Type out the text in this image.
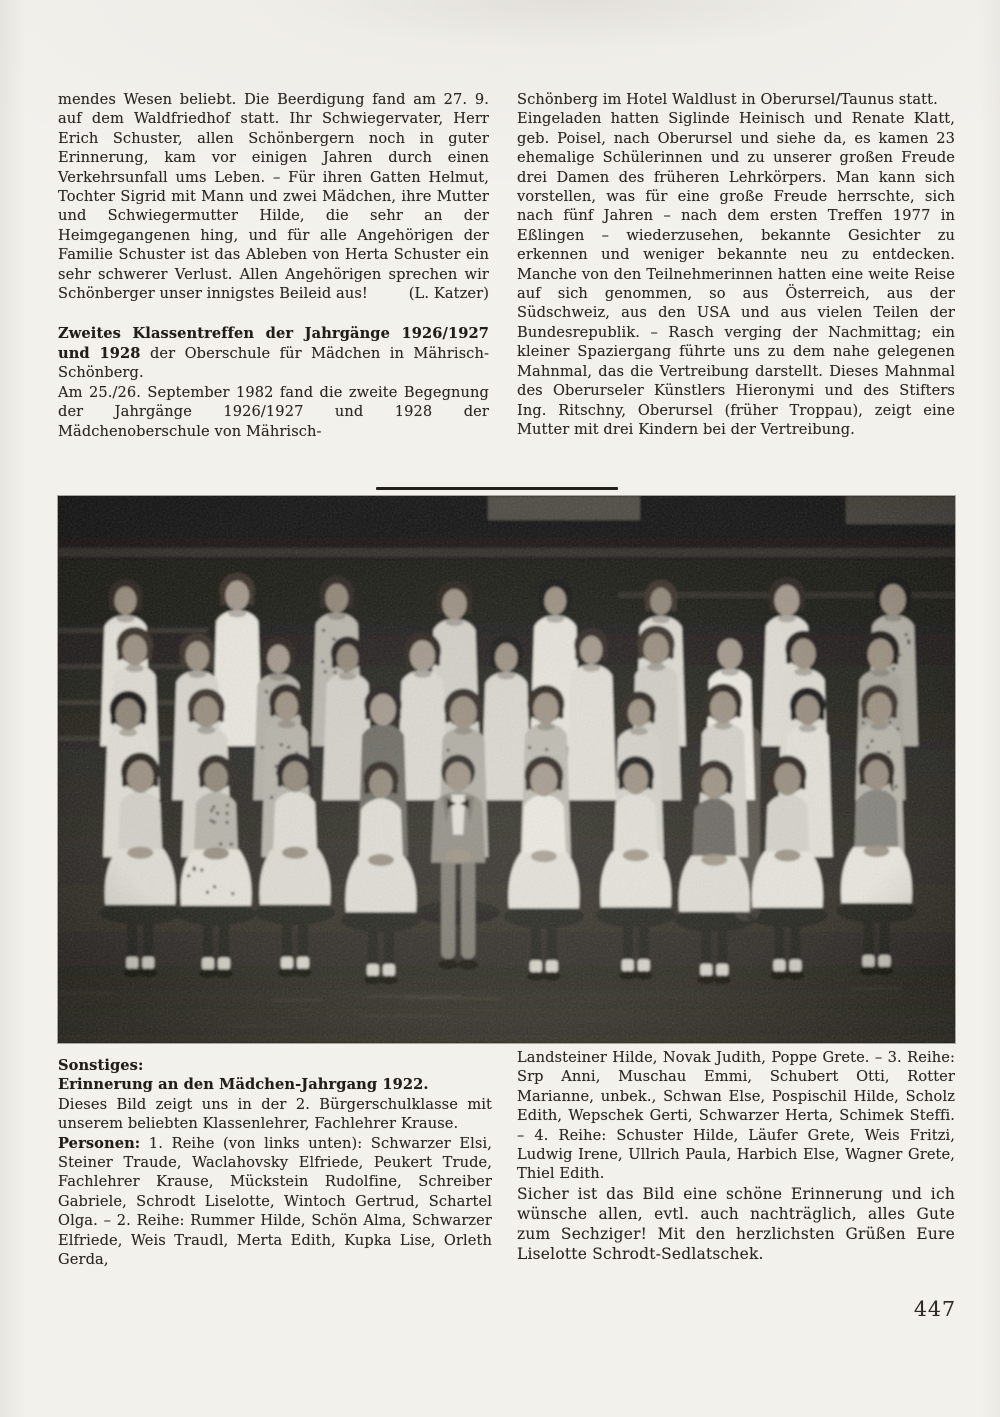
mendes Wesen beliebt. Die Beerdigung fand am 27. 9. auf dem Waldfriedhof statt. Ihr Schwiegervater, Herr Erich Schuster, allen Schönbergern noch in guter Erinnerung, kam vor einigen Jahren durch einen Verkehrsunfall ums Leben. – Für ihren Gatten Helmut, Tochter Sigrid mit Mann und zwei Mädchen, ihre Mutter und Schwiegermutter Hilde, die sehr an der Heimgegangenen hing, und für alle Angehörigen der Familie Schuster ist das Ableben von Herta Schuster ein sehr schwerer Verlust. Allen Angehörigen sprechen wir Schönberger unser innigstes Beileid aus!	(L. Katzer)

Zweites Klassentreffen der Jahrgänge 1926/1927 und 1928 der Oberschule für Mädchen in Mährisch-Schönberg.

Am 25./26. September 1982 fand die zweite Begegnung der Jahrgänge 1926/1927 und 1928 der Mädchenoberschule von Mährisch-

Schönberg im Hotel Waldlust in Oberursel/Taunus statt.

Eingeladen hatten Siglinde Heinisch und Renate Klatt, geb. Poisel, nach Oberursel und siehe da, es kamen 23 ehemalige Schülerinnen und zu unserer großen Freude drei Damen des früheren Lehrkörpers. Man kann sich vorstellen, was für eine große Freude herrschte, sich nach fünf Jahren – nach dem ersten Treffen 1977 in Eßlingen – wiederzusehen, bekannte Gesichter zu erkennen und weniger bekannte neu zu entdecken. Manche von den Teilnehmerinnen hatten eine weite Reise auf sich genommen, so aus Österreich, aus der Südschweiz, aus den USA und aus vielen Teilen der Bundesrepublik. – Rasch verging der Nachmittag; ein kleiner Spaziergang führte uns zu dem nahe gelegenen Mahnmal, das die Vertreibung darstellt. Dieses Mahnmal des Oberurseler Künstlers Hieronymi und des Stifters Ing. Ritschny, Oberursel (früher Troppau), zeigt eine Mutter mit drei Kindern bei der Vertreibung.

Sonstiges:

Erinnerung an den Mädchen-Jahrgang 1922.

Dieses Bild zeigt uns in der 2. Bürgerschulklasse mit unserem beliebten Klassenlehrer, Fachlehrer Krause.

Personen: 1. Reihe (von links unten): Schwarzer Elsi, Steiner Traude, Waclahovsky Elfriede, Peukert Trude, Fachlehrer Krause, Mückstein Rudolfine, Schreiber Gabriele, Schrodt Liselotte, Wintoch Gertrud, Schartel Olga. – 2. Reihe: Rummer Hilde, Schön Alma, Schwarzer Elfriede, Weis Traudl, Merta Edith, Kupka Lise, Orleth Gerda,

Landsteiner Hilde, Novak Judith, Poppe Grete. – 3. Reihe: Srp Anni, Muschau Emmi, Schubert Otti, Rotter Marianne, unbek., Schwan Else, Pospischil Hilde, Scholz Edith, Wepschek Gerti, Schwarzer Herta, Schimek Steffi. – 4. Reihe: Schuster Hilde, Läufer Grete, Weis Fritzi, Ludwig Irene, Ullrich Paula, Harbich Else, Wagner Grete, Thiel Edith.

Sicher ist das Bild eine schöne Erinnerung und ich wünsche allen, evtl. auch nachträglich, alles Gute zum Sechziger! Mit den herzlichsten Grüßen Eure Liselotte Schrodt-Sedlatschek.

447
